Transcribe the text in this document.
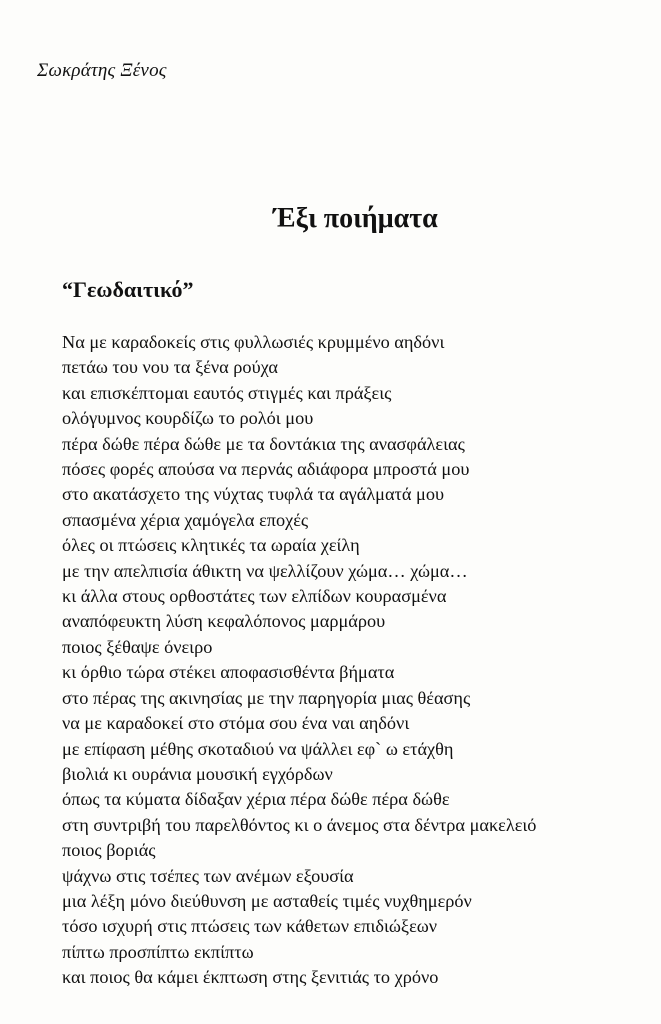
Σωκράτης Ξένος
Έξι ποιήματα
“Γεωδαιτικό”
Να με καραδοκείς στις φυλλωσιές κρυμμένο αηδόνι
πετάω του νου τα ξένα ρούχα
και επισκέπτομαι εαυτός στιγμές και πράξεις
ολόγυμνος κουρδίζω το ρολόι μου
πέρα δώθε πέρα δώθε με τα δοντάκια της ανασφάλειας
πόσες φορές απούσα να περνάς αδιάφορα μπροστά μου
στο ακατάσχετο της νύχτας τυφλά τα αγάλματά μου
σπασμένα χέρια χαμόγελα εποχές
όλες οι πτώσεις κλητικές τα ωραία χείλη
με την απελπισία άθικτη να ψελλίζουν χώμα… χώμα…
κι άλλα στους ορθοστάτες των ελπίδων κουρασμένα
αναπόφευκτη λύση κεφαλόπονος μαρμάρου
ποιος ξέθαψε όνειρο
κι όρθιο τώρα στέκει αποφασισθέντα βήματα
στο πέρας της ακινησίας με την παρηγορία μιας θέασης
να με καραδοκεί στο στόμα σου ένα ναι αηδόνι
με επίφαση μέθης σκοταδιού να ψάλλει εφ` ω ετάχθη
βιολιά κι ουράνια μουσική εγχόρδων
όπως τα κύματα δίδαξαν χέρια πέρα δώθε πέρα δώθε
στη συντριβή του παρελθόντος κι ο άνεμος στα δέντρα μακελειό
ποιος βοριάς
ψάχνω στις τσέπες των ανέμων εξουσία
μια λέξη μόνο διεύθυνση με ασταθείς τιμές νυχθημερόν
τόσο ισχυρή στις πτώσεις των κάθετων επιδιώξεων
πίπτω προσπίπτω εκπίπτω
και ποιος θα κάμει έκπτωση στης ξενιτιάς το χρόνο
